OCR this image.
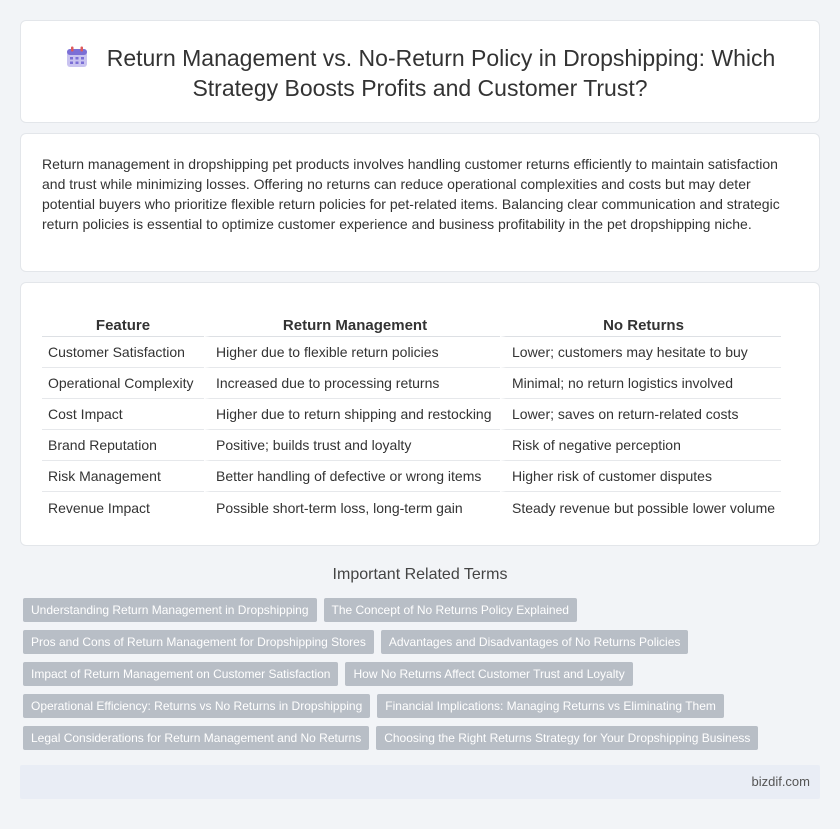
Return Management vs. No-Return Policy in Dropshipping: Which Strategy Boosts Profits and Customer Trust?

Return management in dropshipping pet products involves handling customer returns efficiently to maintain satisfaction and trust while minimizing losses. Offering no returns can reduce operational complexities and costs but may deter potential buyers who prioritize flexible return policies for pet-related items. Balancing clear communication and strategic return policies is essential to optimize customer experience and business profitability in the pet dropshipping niche.

Feature	Return Management	No Returns
Customer Satisfaction	Higher due to flexible return policies	Lower; customers may hesitate to buy
Operational Complexity	Increased due to processing returns	Minimal; no return logistics involved
Cost Impact	Higher due to return shipping and restocking	Lower; saves on return-related costs
Brand Reputation	Positive; builds trust and loyalty	Risk of negative perception
Risk Management	Better handling of defective or wrong items	Higher risk of customer disputes
Revenue Impact	Possible short-term loss, long-term gain	Steady revenue but possible lower volume
Important Related Terms
Understanding Return Management in Dropshipping	The Concept of No Returns Policy Explained
Pros and Cons of Return Management for Dropshipping Stores	Advantages and Disadvantages of No Returns Policies
Impact of Return Management on Customer Satisfaction	How No Returns Affect Customer Trust and Loyalty
Operational Efficiency: Returns vs No Returns in Dropshipping	Financial Implications: Managing Returns vs Eliminating Them
Legal Considerations for Return Management and No Returns	Choosing the Right Returns Strategy for Your Dropshipping Business
bizdif.com
